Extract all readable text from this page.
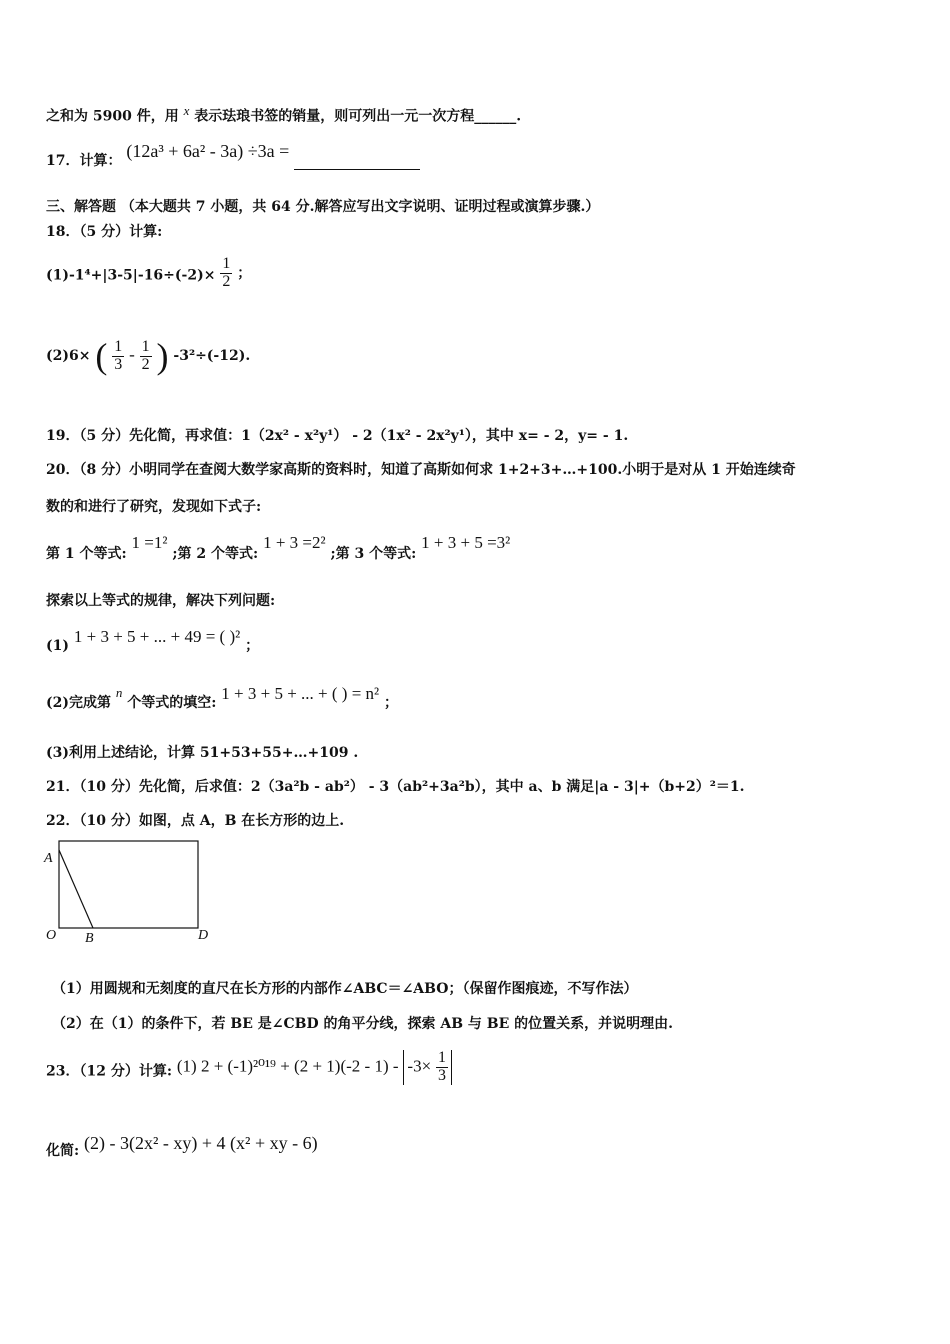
之和为 5900 件，用 x 表示珐琅书签的销量，则可列出一元一次方程______.
17．计算： (12a³ + 6a² - 3a) ÷3a =
三、解答题 （本大题共 7 小题，共 64 分.解答应写出文字说明、证明过程或演算步骤.）
18．（5 分）计算:
$(1)-1^4+|3-5|-16\div(-2)\times \frac{1}{2}$ ；
(2)6× ( $\frac{1}{3} - \frac{1}{2}$ ) -3²÷(-12).
19．（5 分）先化简，再求值：1（2x² - x²y¹） - 2（1x² - 2x²y¹），其中 x= - 2，y= - 1.
20．（8 分）小明同学在查阅大数学家高斯的资料时，知道了高斯如何求 1+2+3+…+100.小明于是对从 1 开始连续奇
数的和进行了研究，发现如下式子:
第 1 个等式: 1 =1² ;第 2 个等式: 1 + 3 =2² ;第 3 个等式: 1 + 3 + 5 =3²
探索以上等式的规律，解决下列问题:
(1) 1 + 3 + 5 + ... + 49 = ( )² ；
(2)完成第 n 个等式的填空: 1 + 3 + 5 + ... + ( ) = n² ；
(3)利用上述结论，计算 51+53+55+…+109 .
21．（10 分）先化简，后求值：2（3a²b - ab²） - 3（ab²+3a²b），其中 a、b 满足|a - 3|+（b+2）²＝1.
22．（10 分）如图，点 A，B 在长方形的边上.
A
O B	D
（1）用圆规和无刻度的直尺在长方形的内部作∠ABC＝∠ABO；（保留作图痕迹，不写作法）
（2）在（1）的条件下，若 BE 是∠CBD 的角平分线，探索 AB 与 BE 的位置关系，并说明理由.
23．（12 分）计算: (1) $2 + (-1)^{2019} + (2 + 1)(-2 - 1) - -3\times \frac{1}{3}$
化简: (2) - 3(2x² - xy) + 4 (x² + xy - 6)
